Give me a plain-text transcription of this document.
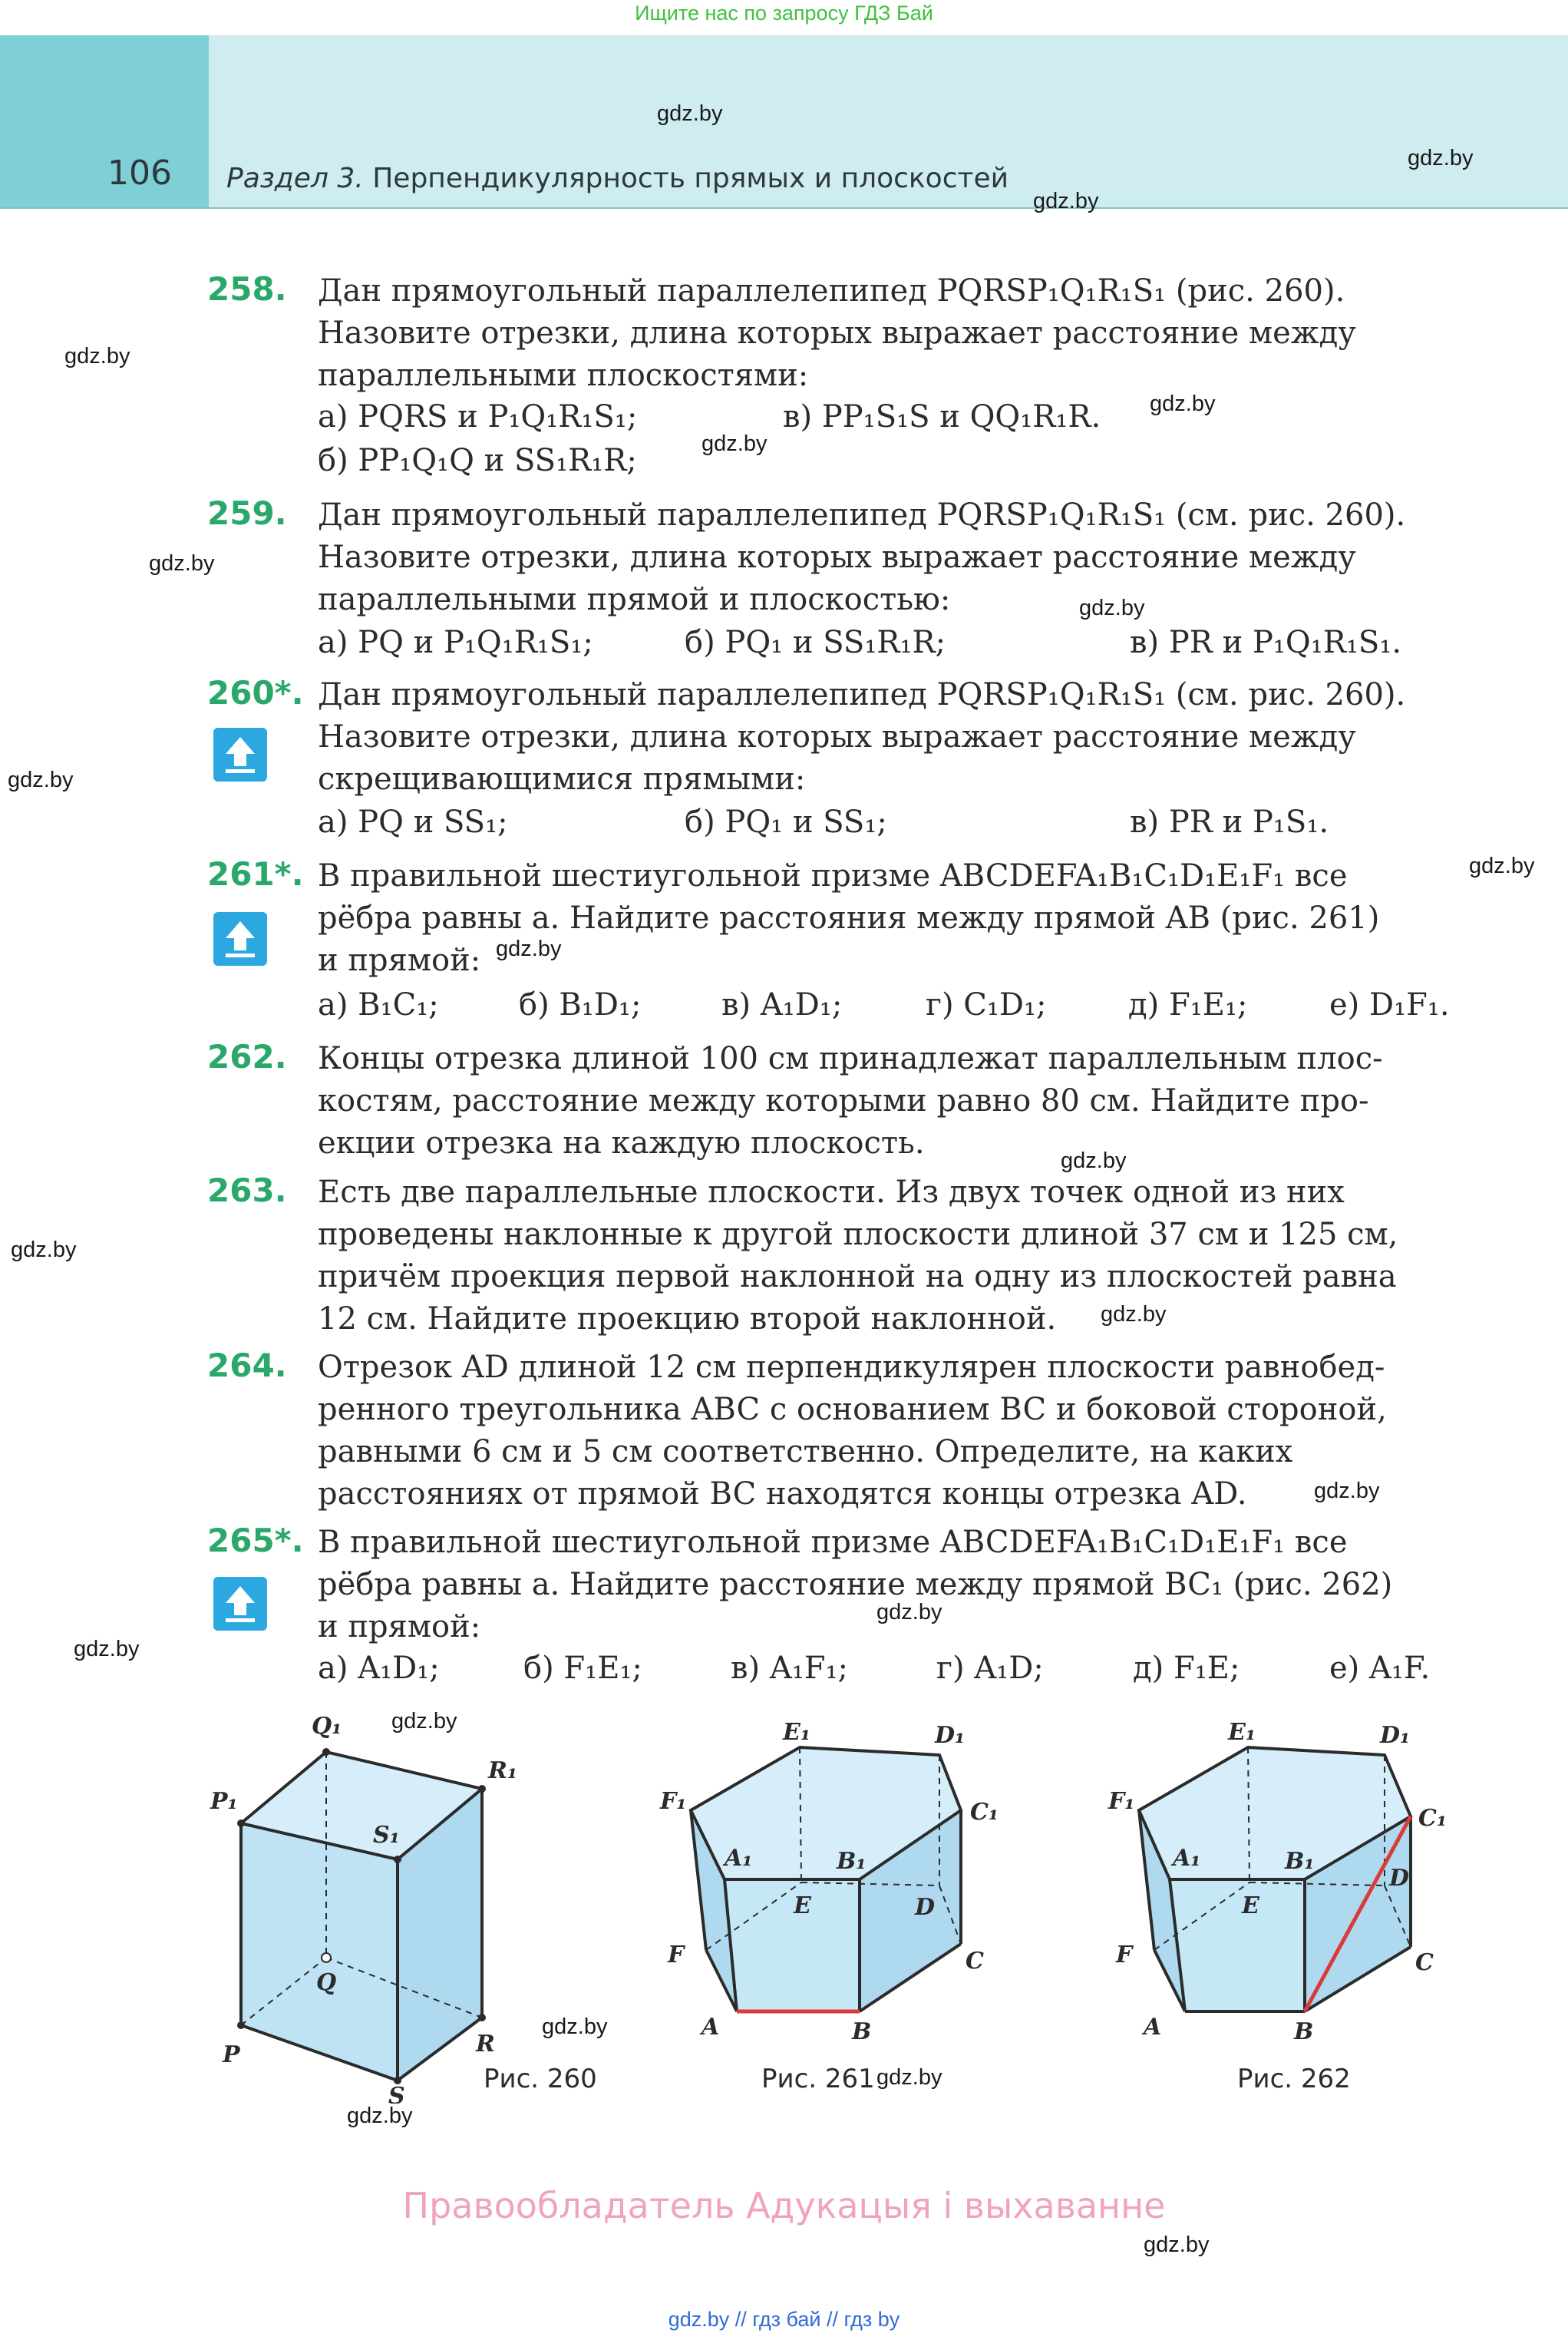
Ищите нас по запросу ГДЗ Бай
106 Раздел 3. Перпендикулярность прямых и плоскостей
gdz.by
gdz.by
gdz.by
gdz.by
gdz.by
gdz.by
gdz.by
gdz.by
gdz.by
gdz.by
gdz.by
gdz.by
gdz.by
gdz.by
gdz.by
gdz.by
gdz.by
gdz.by
gdz.by
gdz.by
gdz.by
gdz.by
258. Дан прямоугольный параллелепипед PQRSP₁Q₁R₁S₁ (рис. 260).
Назовите отрезки, длина которых выражает расстояние между
параллельными плоскостями:
а) PQRS и P₁Q₁R₁S₁;	в) PP₁S₁S и QQ₁R₁R.
б) PP₁Q₁Q и SS₁R₁R;
259. Дан прямоугольный параллелепипед PQRSP₁Q₁R₁S₁ (см. рис. 260).
Назовите отрезки, длина которых выражает расстояние между
параллельными прямой и плоскостью:
а) PQ и P₁Q₁R₁S₁;	б) PQ₁ и SS₁R₁R;	в) PR и P₁Q₁R₁S₁.
260*. Дан прямоугольный параллелепипед PQRSP₁Q₁R₁S₁ (см. рис. 260).
Назовите отрезки, длина которых выражает расстояние между
скрещивающимися прямыми:
а) PQ и SS₁;	б) PQ₁ и SS₁;	в) PR и P₁S₁.
261*. В правильной шестиугольной призме ABCDEFA₁B₁C₁D₁E₁F₁ все
рёбра равны a. Найдите расстояния между прямой AB (рис. 261)
и прямой:
а) B₁C₁;	б) B₁D₁;	в) A₁D₁;	г) C₁D₁;	д) F₁E₁;	е) D₁F₁.
262. Концы отрезка длиной 100 см принадлежат параллельным плос-
костям, расстояние между которыми равно 80 см. Найдите про-
екции отрезка на каждую плоскость.
263. Есть две параллельные плоскости. Из двух точек одной из них
проведены наклонные к другой плоскости длиной 37 см и 125 см,
причём проекция первой наклонной на одну из плоскостей равна
12 см. Найдите проекцию второй наклонной.
264. Отрезок AD длиной 12 см перпендикулярен плоскости равнобед-
ренного треугольника ABC с основанием BC и боковой стороной,
равными 6 см и 5 см соответственно. Определите, на каких
расстояниях от прямой BC находятся концы отрезка AD.
265*. В правильной шестиугольной призме ABCDEFA₁B₁C₁D₁E₁F₁ все
рёбра равны a. Найдите расстояние между прямой BC₁ (рис. 262)
и прямой:
а) A₁D₁;	б) F₁E₁;	в) A₁F₁;	г) A₁D;	д) F₁E;	е) A₁F.
P₁
Q₁
R₁
S₁
P
Q
R
S
Рис. 260
F₁
E₁	D₁
C₁
A₁	B₁
E	D
F	C
A	B
Рис. 261
F₁
E₁	D₁
C₁
A₁	B₁
E
D
F	C
A	B
Рис. 262
Правообладатель Адукацыя і выхаванне
gdz.by // гдз бай // гдз by
